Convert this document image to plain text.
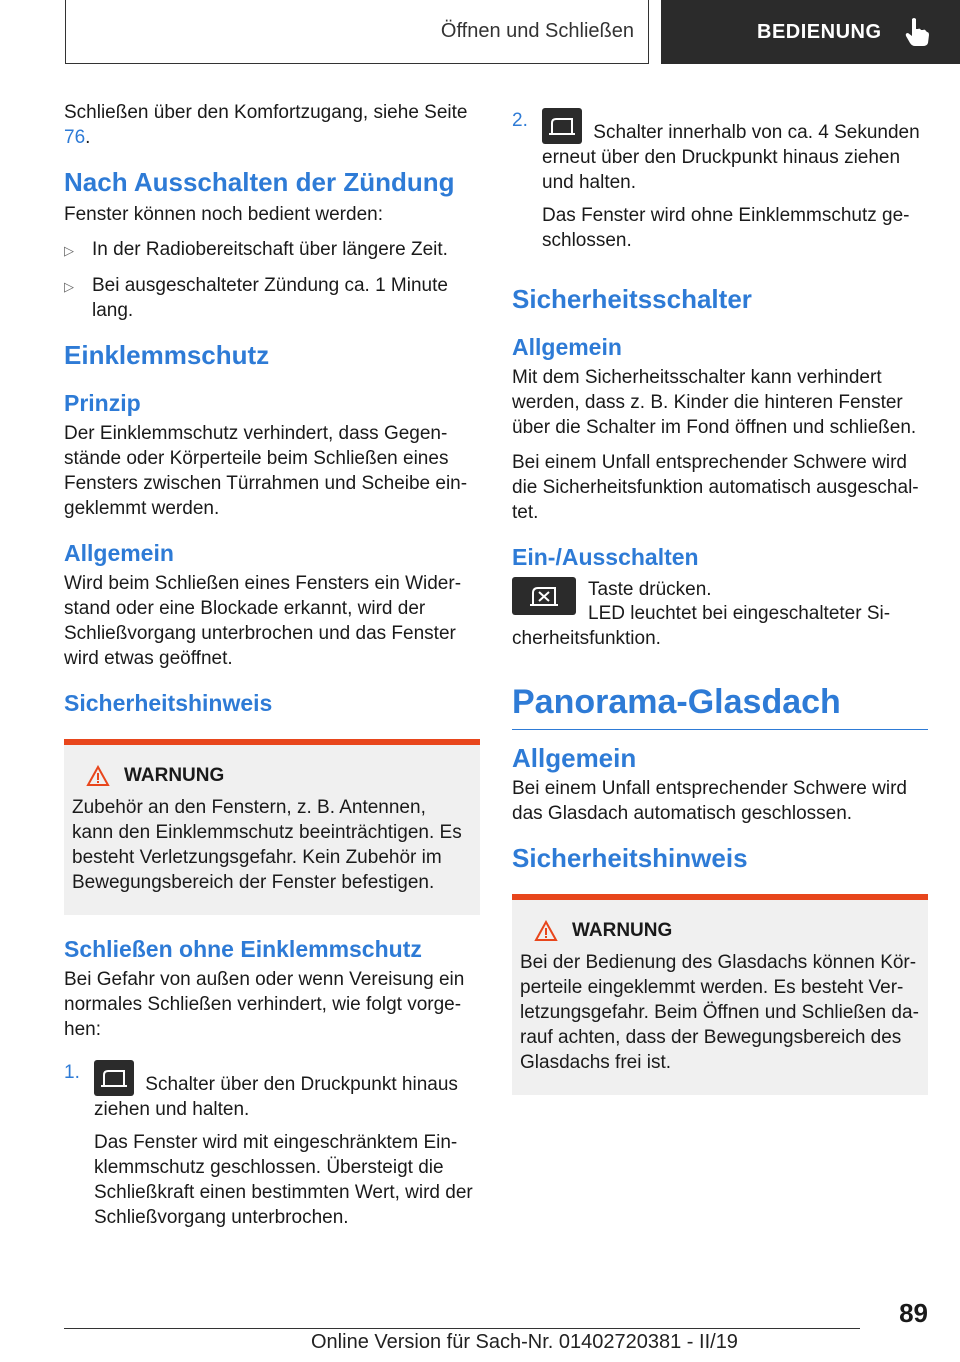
Öffnen und Schließen	BEDIENUNG

Schließen über den Komfortzugang, siehe Seite 76.

Nach Ausschalten der Zündung

Fenster können noch bedient werden:

▷ In der Radiobereitschaft über längere Zeit.
▷ Bei ausgeschalteter Zündung ca. 1 Minute lang.
Einklemmschutz
Prinzip

Der Einklemmschutz verhindert, dass Gegenstände oder Körperteile beim Schließen eines Fensters zwischen Türrahmen und Scheibe eingeklemmt werden.

Allgemein

Wird beim Schließen eines Fensters ein Widerstand oder eine Blockade erkannt, wird der Schließvorgang unterbrochen und das Fenster wird etwas geöffnet.

Sicherheitshinweis
WARNUNG

Zubehör an den Fenstern, z. B. Antennen, kann den Einklemmschutz beeinträchtigen. Es besteht Verletzungsgefahr. Kein Zubehör im Bewegungsbereich der Fenster befestigen.

Schließen ohne Einklemmschutz

Bei Gefahr von außen oder wenn Vereisung ein normales Schließen verhindert, wie folgt vorgehen:

1.

Schalter über den Druckpunkt hinaus ziehen und halten.

Das Fenster wird mit eingeschränktem Einklemmschutz geschlossen. Übersteigt die Schließkraft einen bestimmten Wert, wird der Schließvorgang unterbrochen.

2.

Schalter innerhalb von ca. 4 Sekunden erneut über den Druckpunkt hinaus ziehen und halten.

Das Fenster wird ohne Einklemmschutz geschlossen.

Sicherheitsschalter
Allgemein

Mit dem Sicherheitsschalter kann verhindert werden, dass z. B. Kinder die hinteren Fenster über die Schalter im Fond öffnen und schließen.

Bei einem Unfall entsprechender Schwere wird die Sicherheitsfunktion automatisch ausgeschaltet.

Ein-/Ausschalten

Taste drücken.

LED leuchtet bei eingeschalteter Sicherheitsfunktion.

Panorama-Glasdach
Allgemein

Bei einem Unfall entsprechender Schwere wird das Glasdach automatisch geschlossen.

Sicherheitshinweis
WARNUNG

Bei der Bedienung des Glasdachs können Körperteile eingeklemmt werden. Es besteht Verletzungsgefahr. Beim Öffnen und Schließen darauf achten, dass der Bewegungsbereich des Glasdachs frei ist.

89
Online Version für Sach-Nr. 01402720381 - II/19
